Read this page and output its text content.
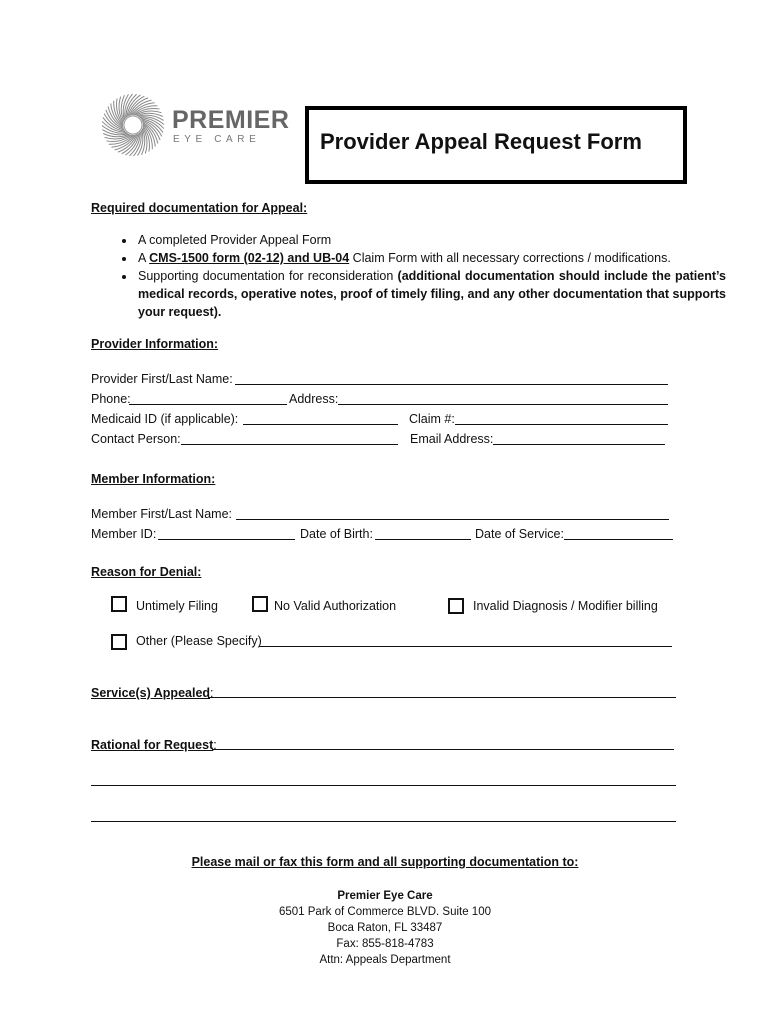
PREMIER
EYE CARE	Provider Appeal Request Form
Required documentation for Appeal:
• A completed Provider Appeal Form
• A CMS-1500 form (02-12) and UB-04 Claim Form with all necessary corrections / modifications.
• Supporting documentation for reconsideration (additional documentation should include the patient’s medical records, operative notes, proof of timely filing, and any other documentation that supports your request).
Provider Information:
Provider First/Last Name:
Phone:	Address:
Medicaid ID (if applicable):	Claim #:
Contact Person:	Email Address:
Member Information:
Member First/Last Name:
Member ID:	Date of Birth:	Date of Service:
Reason for Denial:
Untimely Filing	No Valid Authorization	Invalid Diagnosis / Modifier billing
Other (Please Specify)
Service(s) Appealed:
Rational for Request:
Please mail or fax this form and all supporting documentation to:
Premier Eye Care
6501 Park of Commerce BLVD. Suite 100
Boca Raton, FL 33487
Fax: 855-818-4783
Attn: Appeals Department
